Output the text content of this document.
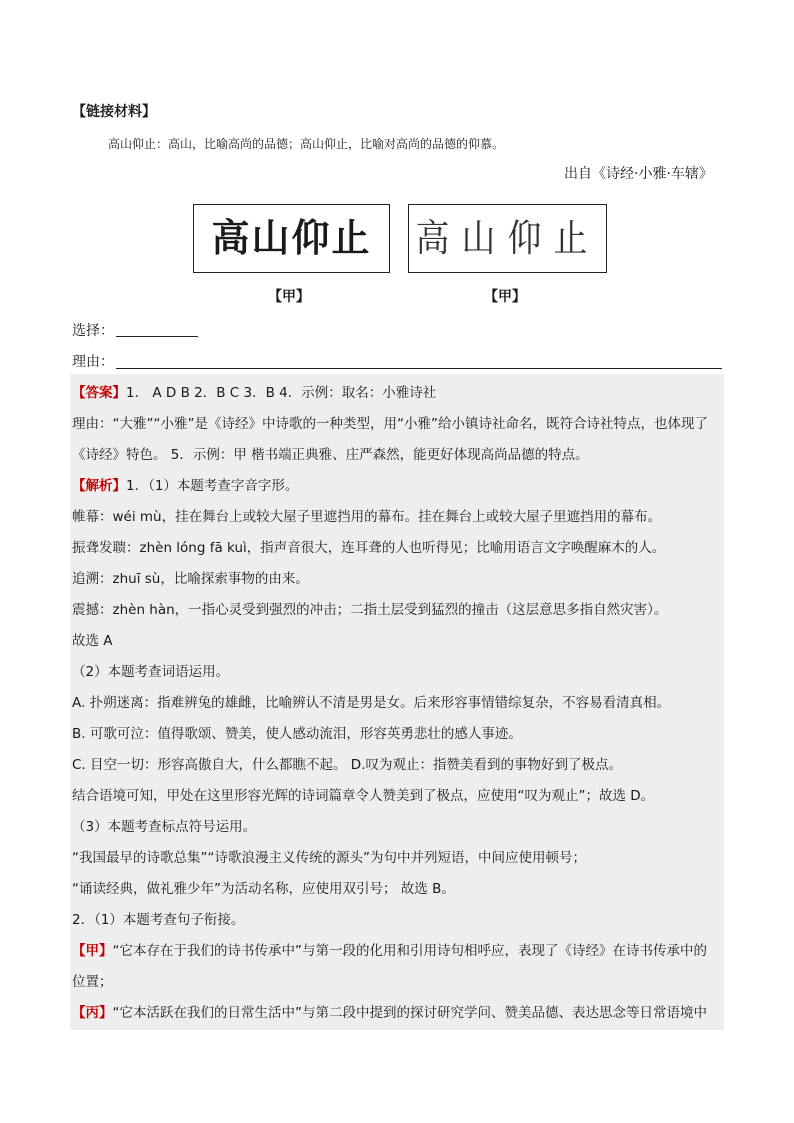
【链接材料】
高山仰止：高山，比喻高尚的品德；高山仰止，比喻对高尚的品德的仰慕。
出自《诗经·小雅·车辖》
高山仰止	高山仰止
【甲】	【甲】
选择：
理由：
【答案】1． A D B 2．B C 3．B 4．示例：取名：小雅诗社
理由：“大雅”“小雅”是《诗经》中诗歌的一种类型，用“小雅”给小镇诗社命名，既符合诗社特点，也体现了
《诗经》特色。 5．示例：甲 楷书端正典雅、庄严森然，能更好体现高尚品德的特点。
【解析】1．（1）本题考查字音字形。
帷幕：wéi mù，挂在舞台上或较大屋子里遮挡用的幕布。挂在舞台上或较大屋子里遮挡用的幕布。
振聋发聩：zhèn lóng fā kuì，指声音很大，连耳聋的人也听得见；比喻用语言文字唤醒麻木的人。
追溯：zhuī sù，比喻探索事物的由来。
震撼：zhèn hàn，一指心灵受到强烈的冲击；二指土层受到猛烈的撞击（这层意思多指自然灾害）。
故选 A
（2）本题考查词语运用。
A. 扑朔迷离：指难辨兔的雄雌，比喻辨认不清是男是女。后来形容事情错综复杂，不容易看清真相。
B. 可歌可泣：值得歌颂、赞美，使人感动流泪，形容英勇悲壮的感人事迹。
C. 目空一切：形容高傲自大，什么都瞧不起。 D.叹为观止：指赞美看到的事物好到了极点。
结合语境可知，甲处在这里形容光辉的诗词篇章令人赞美到了极点，应使用“叹为观止”；故选 D。
（3）本题考查标点符号运用。
“我国最早的诗歌总集”“诗歌浪漫主义传统的源头”为句中并列短语，中间应使用顿号；
“诵读经典，做礼雅少年”为活动名称，应使用双引号； 故选 B。
2．（1）本题考查句子衔接。
【甲】“它本存在于我们的诗书传承中”与第一段的化用和引用诗句相呼应，表现了《诗经》在诗书传承中的
位置；
【丙】“它本活跃在我们的日常生活中”与第二段中提到的探讨研究学问、赞美品德、表达思念等日常语境中
